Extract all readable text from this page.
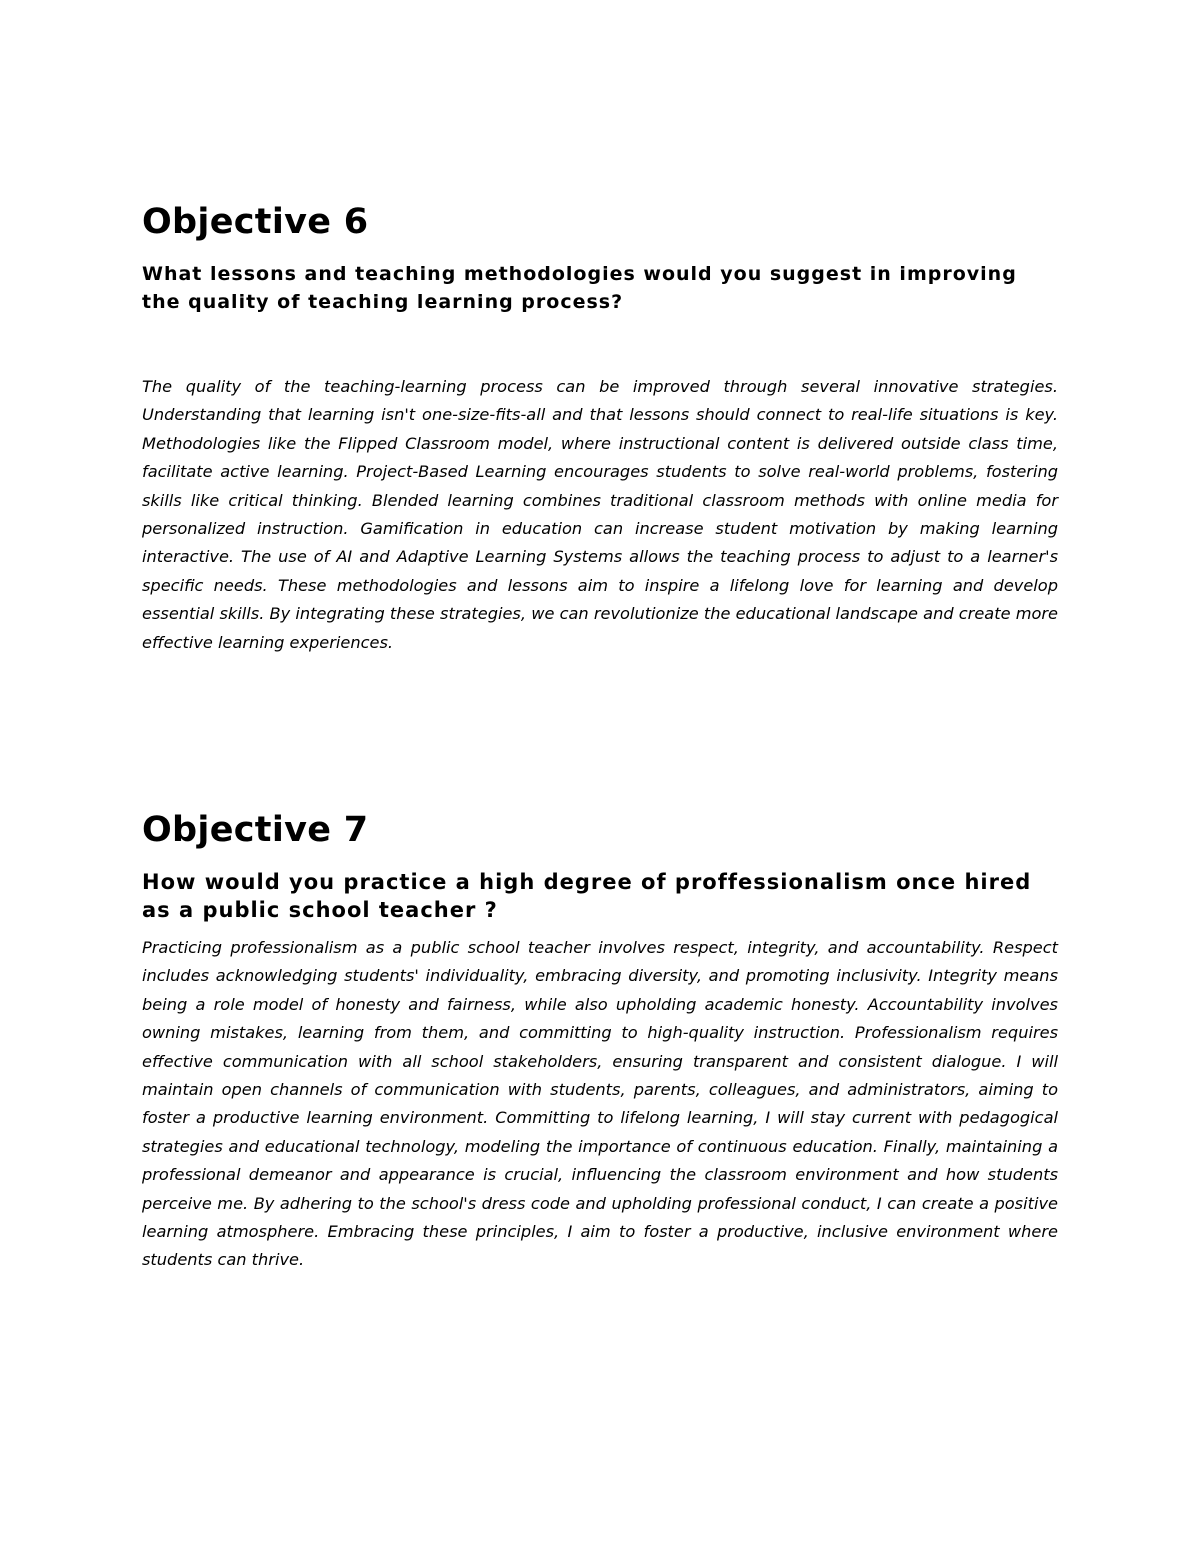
Objective 6

What lessons and teaching methodologies would you suggest in improving the quality of teaching learning process?

The quality of the teaching-learning process can be improved through several innovative strategies. Understanding that learning isn't one-size-fits-all and that lessons should connect to real-life situations is key. Methodologies like the Flipped Classroom model, where instructional content is delivered outside class time, facilitate active learning. Project-Based Learning encourages students to solve real-world problems, fostering skills like critical thinking. Blended learning combines traditional classroom methods with online media for personalized instruction. Gamification in education can increase student motivation by making learning interactive. The use of AI and Adaptive Learning Systems allows the teaching process to adjust to a learner's specific needs. These methodologies and lessons aim to inspire a lifelong love for learning and develop essential skills. By integrating these strategies, we can revolutionize the educational landscape and create more effective learning experiences.

Objective 7

How would you practice a high degree of proffessionalism once hired as a public school teacher ?

Practicing professionalism as a public school teacher involves respect, integrity, and accountability. Respect includes acknowledging students' individuality, embracing diversity, and promoting inclusivity. Integrity means being a role model of honesty and fairness, while also upholding academic honesty. Accountability involves owning mistakes, learning from them, and committing to high-quality instruction. Professionalism requires effective communication with all school stakeholders, ensuring transparent and consistent dialogue. I will maintain open channels of communication with students, parents, colleagues, and administrators, aiming to foster a productive learning environment. Committing to lifelong learning, I will stay current with pedagogical strategies and educational technology, modeling the importance of continuous education. Finally, maintaining a professional demeanor and appearance is crucial, influencing the classroom environment and how students perceive me. By adhering to the school's dress code and upholding professional conduct, I can create a positive learning atmosphere. Embracing these principles, I aim to foster a productive, inclusive environment where students can thrive.
